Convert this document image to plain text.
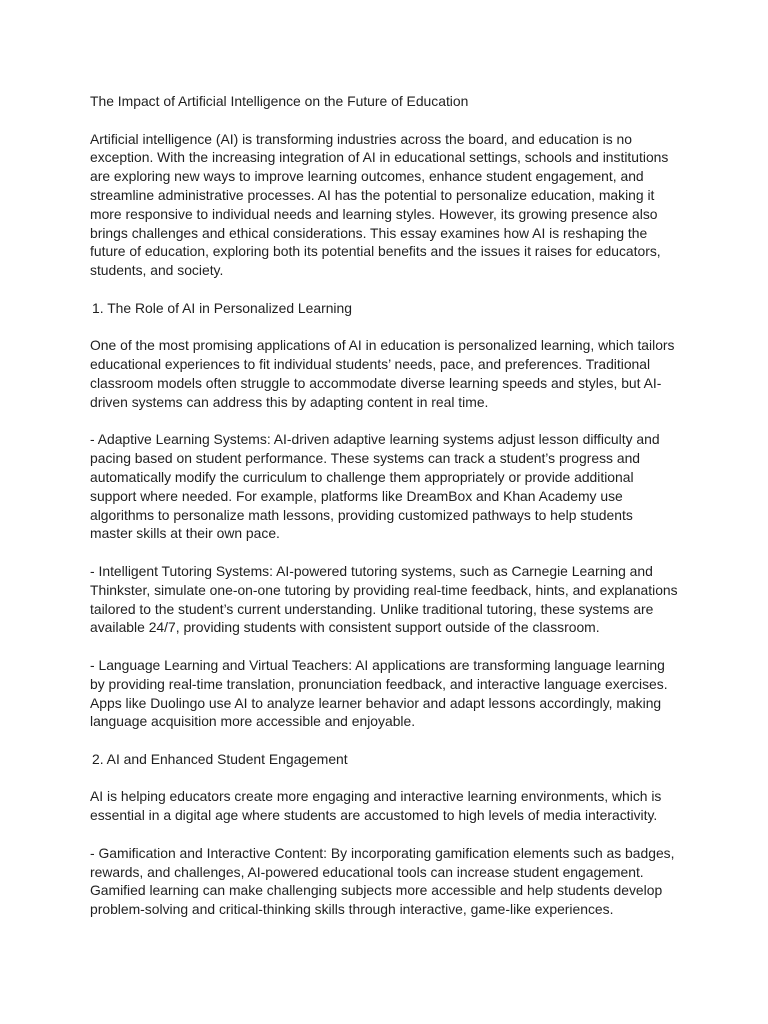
The Impact of Artificial Intelligence on the Future of Education

Artificial intelligence (AI) is transforming industries across the board, and education is no exception. With the increasing integration of AI in educational settings, schools and institutions are exploring new ways to improve learning outcomes, enhance student engagement, and streamline administrative processes. AI has the potential to personalize education, making it more responsive to individual needs and learning styles. However, its growing presence also brings challenges and ethical considerations. This essay examines how AI is reshaping the future of education, exploring both its potential benefits and the issues it raises for educators, students, and society.

1. The Role of AI in Personalized Learning

One of the most promising applications of AI in education is personalized learning, which tailors educational experiences to fit individual students’ needs, pace, and preferences. Traditional classroom models often struggle to accommodate diverse learning speeds and styles, but AI-driven systems can address this by adapting content in real time.

- Adaptive Learning Systems: AI-driven adaptive learning systems adjust lesson difficulty and pacing based on student performance. These systems can track a student’s progress and automatically modify the curriculum to challenge them appropriately or provide additional support where needed. For example, platforms like DreamBox and Khan Academy use algorithms to personalize math lessons, providing customized pathways to help students master skills at their own pace.

- Intelligent Tutoring Systems: AI-powered tutoring systems, such as Carnegie Learning and Thinkster, simulate one-on-one tutoring by providing real-time feedback, hints, and explanations tailored to the student’s current understanding. Unlike traditional tutoring, these systems are available 24/7, providing students with consistent support outside of the classroom.

- Language Learning and Virtual Teachers: AI applications are transforming language learning by providing real-time translation, pronunciation feedback, and interactive language exercises. Apps like Duolingo use AI to analyze learner behavior and adapt lessons accordingly, making language acquisition more accessible and enjoyable.

2. AI and Enhanced Student Engagement

AI is helping educators create more engaging and interactive learning environments, which is essential in a digital age where students are accustomed to high levels of media interactivity.

- Gamification and Interactive Content: By incorporating gamification elements such as badges, rewards, and challenges, AI-powered educational tools can increase student engagement. Gamified learning can make challenging subjects more accessible and help students develop problem-solving and critical-thinking skills through interactive, game-like experiences.
